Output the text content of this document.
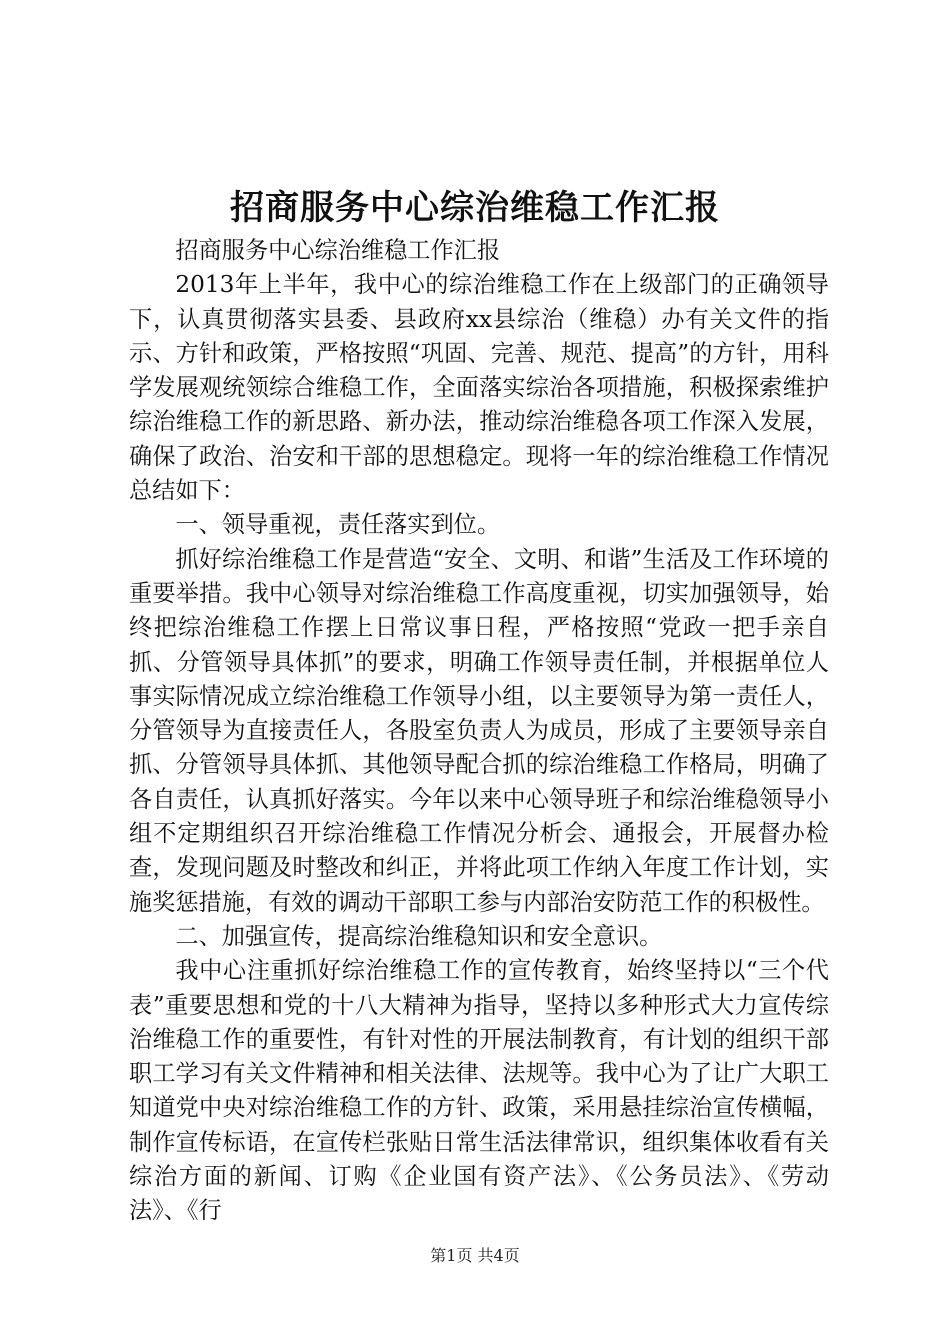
招商服务中心综治维稳工作汇报

招商服务中心综治维稳工作汇报

2013年上半年，我中心的综治维稳工作在上级部门的正确领导下，认真贯彻落实县委、县政府xx县综治（维稳）办有关文件的指示、方针和政策，严格按照“巩固、完善、规范、提高”的方针，用科学发展观统领综合维稳工作，全面落实综治各项措施，积极探索维护综治维稳工作的新思路、新办法，推动综治维稳各项工作深入发展，确保了政治、治安和干部的思想稳定。现将一年的综治维稳工作情况总结如下：

一、领导重视，责任落实到位。

抓好综治维稳工作是营造“安全、文明、和谐”生活及工作环境的重要举措。我中心领导对综治维稳工作高度重视，切实加强领导，始终把综治维稳工作摆上日常议事日程，严格按照“党政一把手亲自抓、分管领导具体抓”的要求，明确工作领导责任制，并根据单位人事实际情况成立综治维稳工作领导小组，以主要领导为第一责任人，分管领导为直接责任人，各股室负责人为成员，形成了主要领导亲自抓、分管领导具体抓、其他领导配合抓的综治维稳工作格局，明确了各自责任，认真抓好落实。今年以来中心领导班子和综治维稳领导小组不定期组织召开综治维稳工作情况分析会、通报会，开展督办检查，发现问题及时整改和纠正，并将此项工作纳入年度工作计划，实施奖惩措施，有效的调动干部职工参与内部治安防范工作的积极性。

二、加强宣传，提高综治维稳知识和安全意识。

我中心注重抓好综治维稳工作的宣传教育，始终坚持以“三个代表”重要思想和党的十八大精神为指导，坚持以多种形式大力宣传综治维稳工作的重要性，有针对性的开展法制教育，有计划的组织干部职工学习有关文件精神和相关法律、法规等。我中心为了让广大职工知道党中央对综治维稳工作的方针、政策，采用悬挂综治宣传横幅，制作宣传标语，在宣传栏张贴日常生活法律常识，组织集体收看有关综治方面的新闻、订购《企业国有资产法》、《公务员法》、《劳动法》、《行

第1页 共4页
